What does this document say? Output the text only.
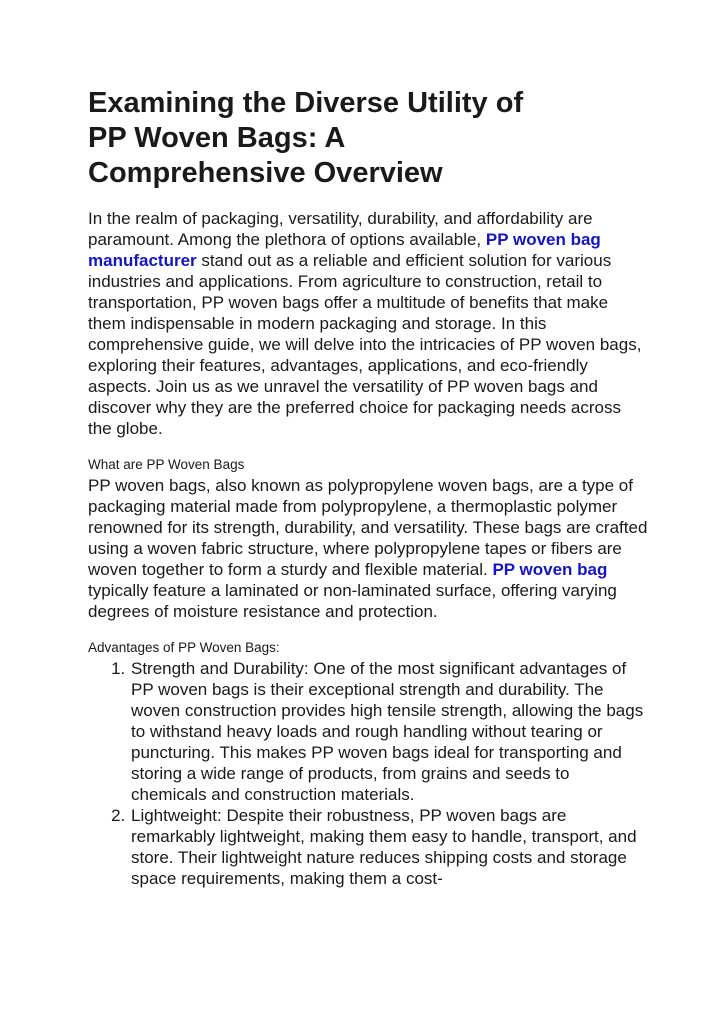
Examining the Diverse Utility of PP Woven Bags: A Comprehensive Overview

In the realm of packaging, versatility, durability, and affordability are paramount. Among the plethora of options available, PP woven bag manufacturer stand out as a reliable and efficient solution for various industries and applications. From agriculture to construction, retail to transportation, PP woven bags offer a multitude of benefits that make them indispensable in modern packaging and storage. In this comprehensive guide, we will delve into the intricacies of PP woven bags, exploring their features, advantages, applications, and eco-friendly aspects. Join us as we unravel the versatility of PP woven bags and discover why they are the preferred choice for packaging needs across the globe.

What are PP Woven Bags

PP woven bags, also known as polypropylene woven bags, are a type of packaging material made from polypropylene, a thermoplastic polymer renowned for its strength, durability, and versatility. These bags are crafted using a woven fabric structure, where polypropylene tapes or fibers are woven together to form a sturdy and flexible material. PP woven bag typically feature a laminated or non-laminated surface, offering varying degrees of moisture resistance and protection.

Advantages of PP Woven Bags:
1. Strength and Durability: One of the most significant advantages of PP woven bags is their exceptional strength and durability. The woven construction provides high tensile strength, allowing the bags to withstand heavy loads and rough handling without tearing or puncturing. This makes PP woven bags ideal for transporting and storing a wide range of products, from grains and seeds to chemicals and construction materials.
2. Lightweight: Despite their robustness, PP woven bags are remarkably lightweight, making them easy to handle, transport, and store. Their lightweight nature reduces shipping costs and storage space requirements, making them a cost-
